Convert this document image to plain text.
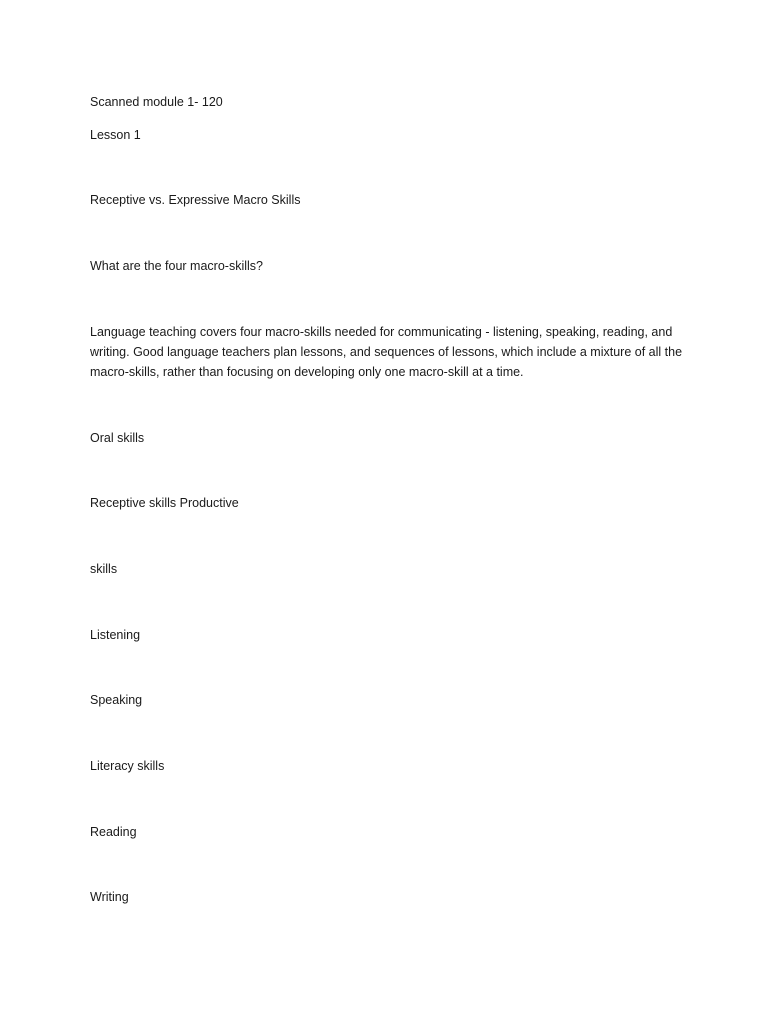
Scanned module 1- 120
Lesson 1
Receptive vs. Expressive Macro Skills
What are the four macro-skills?
Language teaching covers four macro-skills needed for communicating - listening, speaking, reading, and writing. Good language teachers plan lessons, and sequences of lessons, which include a mixture of all the macro-skills, rather than focusing on developing only one macro-skill at a time.
Oral skills
Receptive skills Productive
skills
Listening
Speaking
Literacy skills
Reading
Writing
